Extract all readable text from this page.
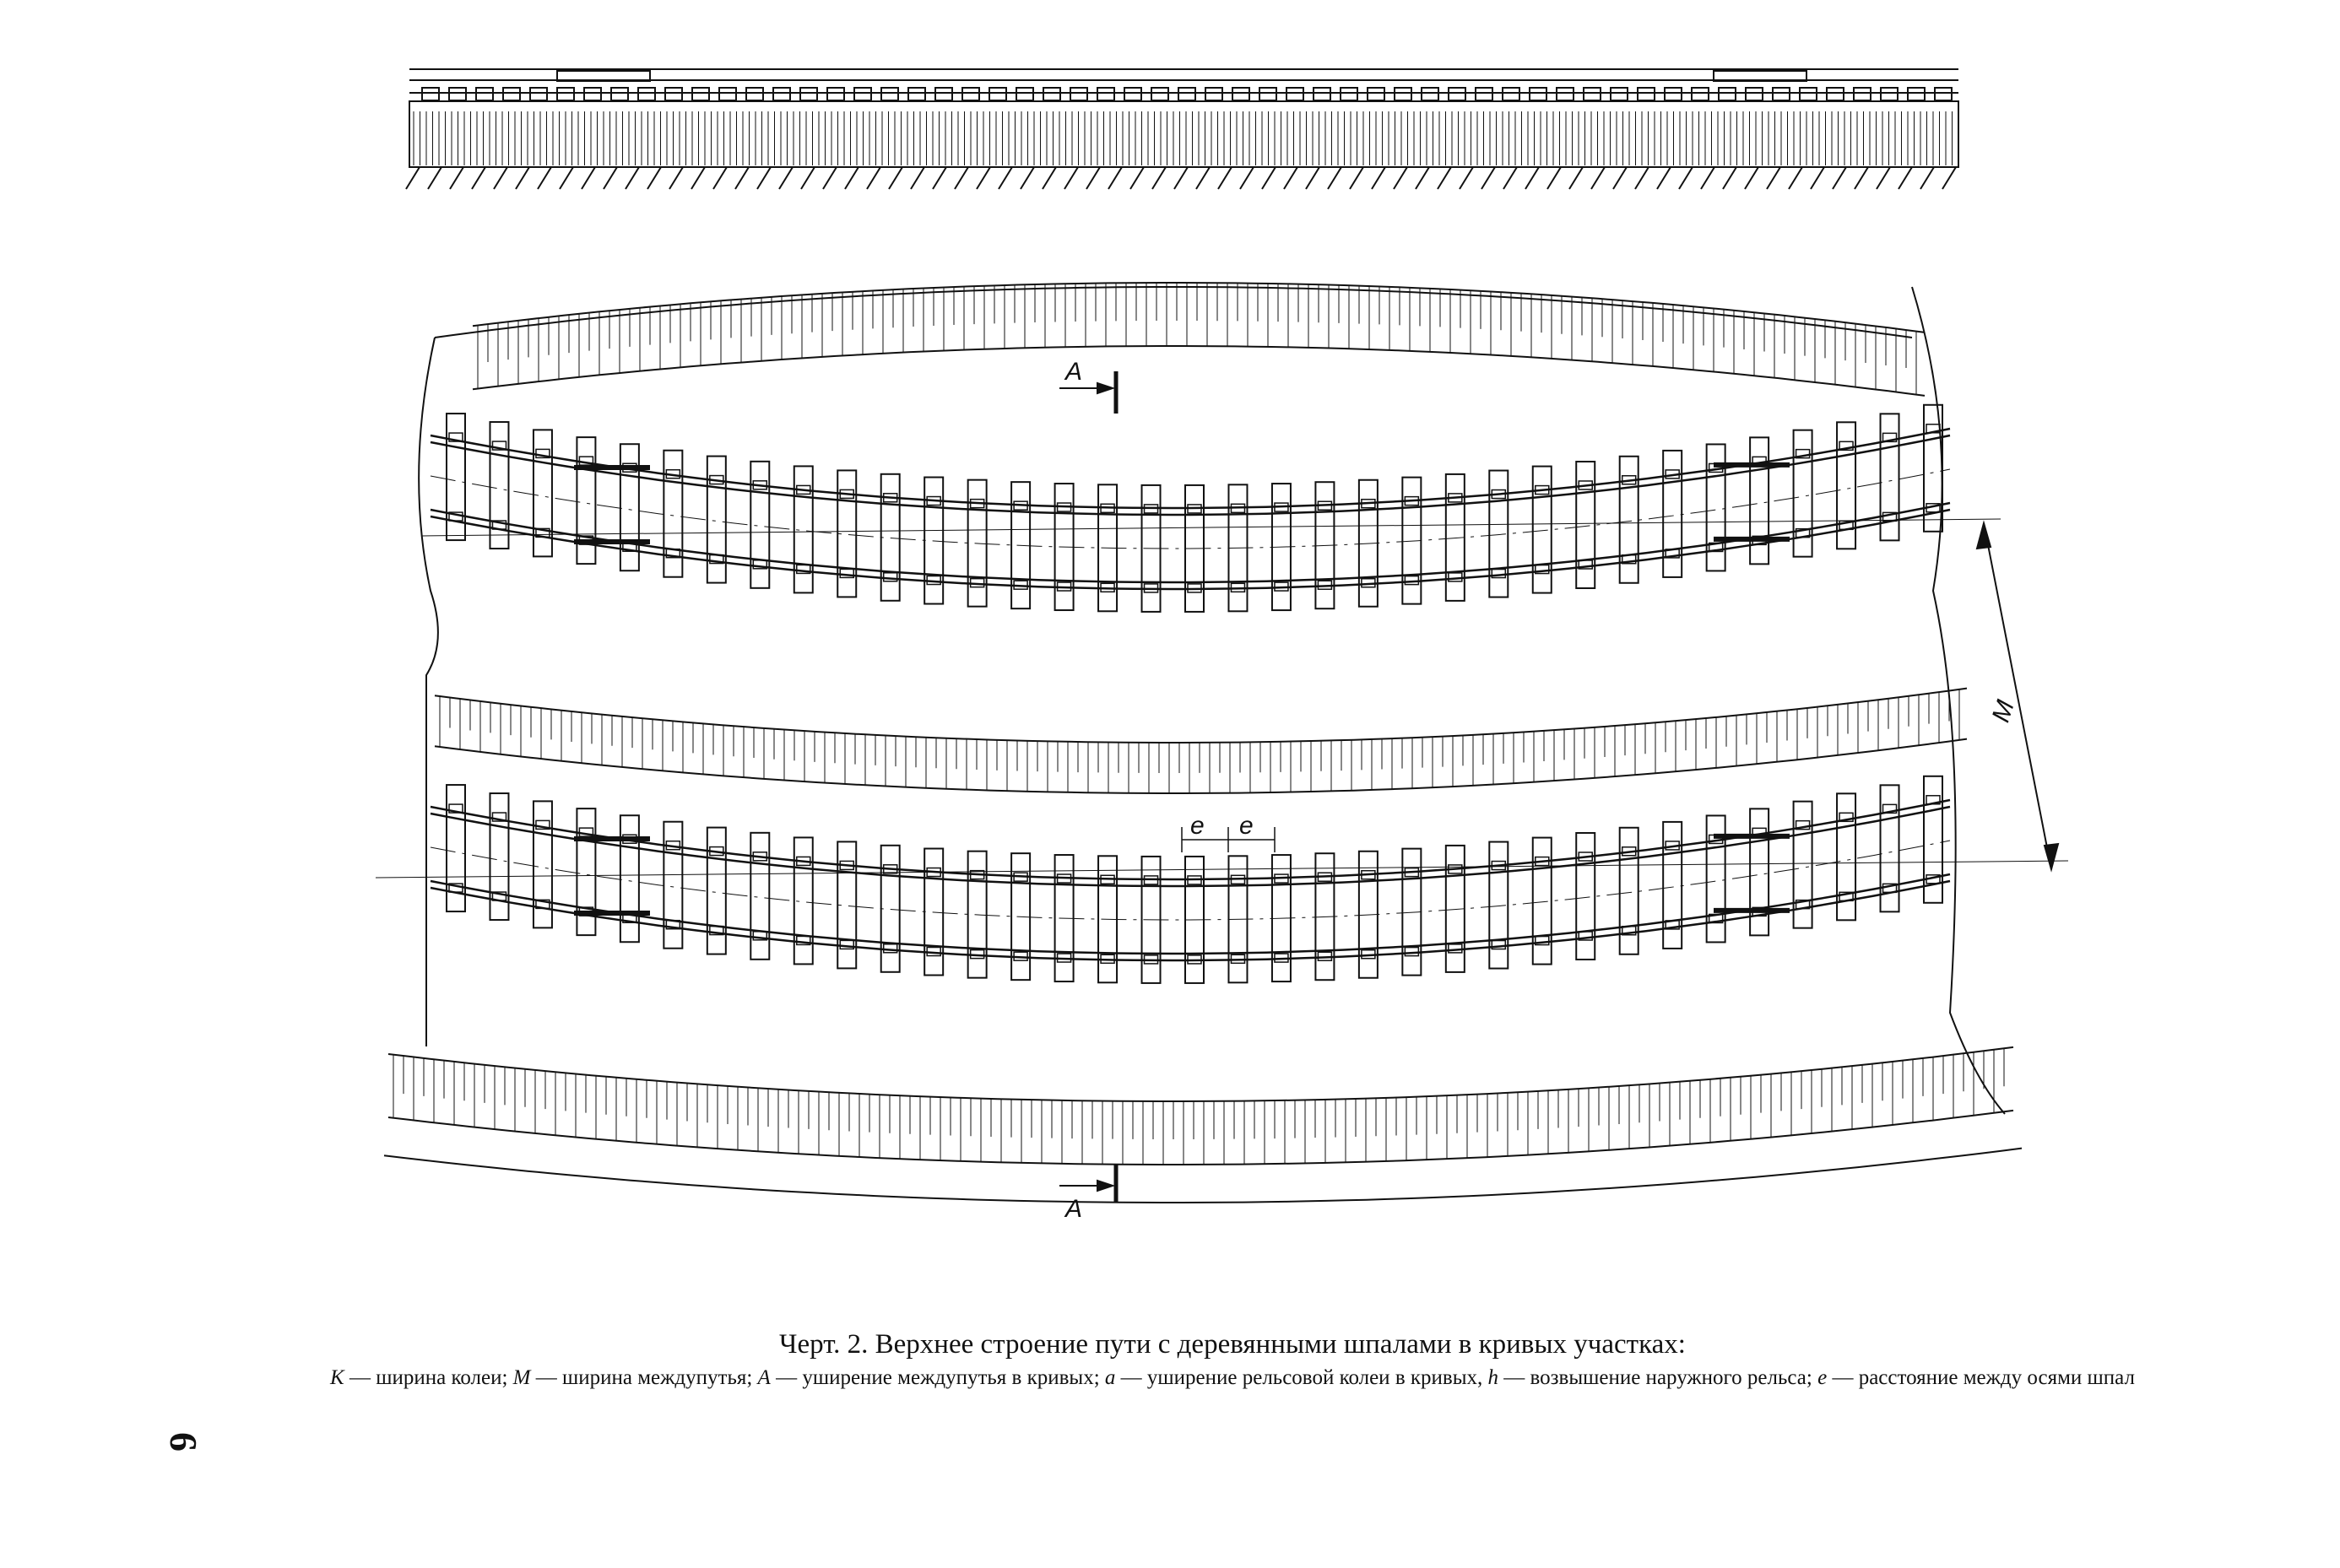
A
A
M
e e
Черт. 2. Верхнее строение пути с деревянными шпалами в кривых участках:
K — ширина колеи; M — ширина междупутья; A — уширение междупутья в кривых; a — уширение рельсовой колеи в кривых, h — возвышение наружного рельса; e — расстояние между осями шпал
6
